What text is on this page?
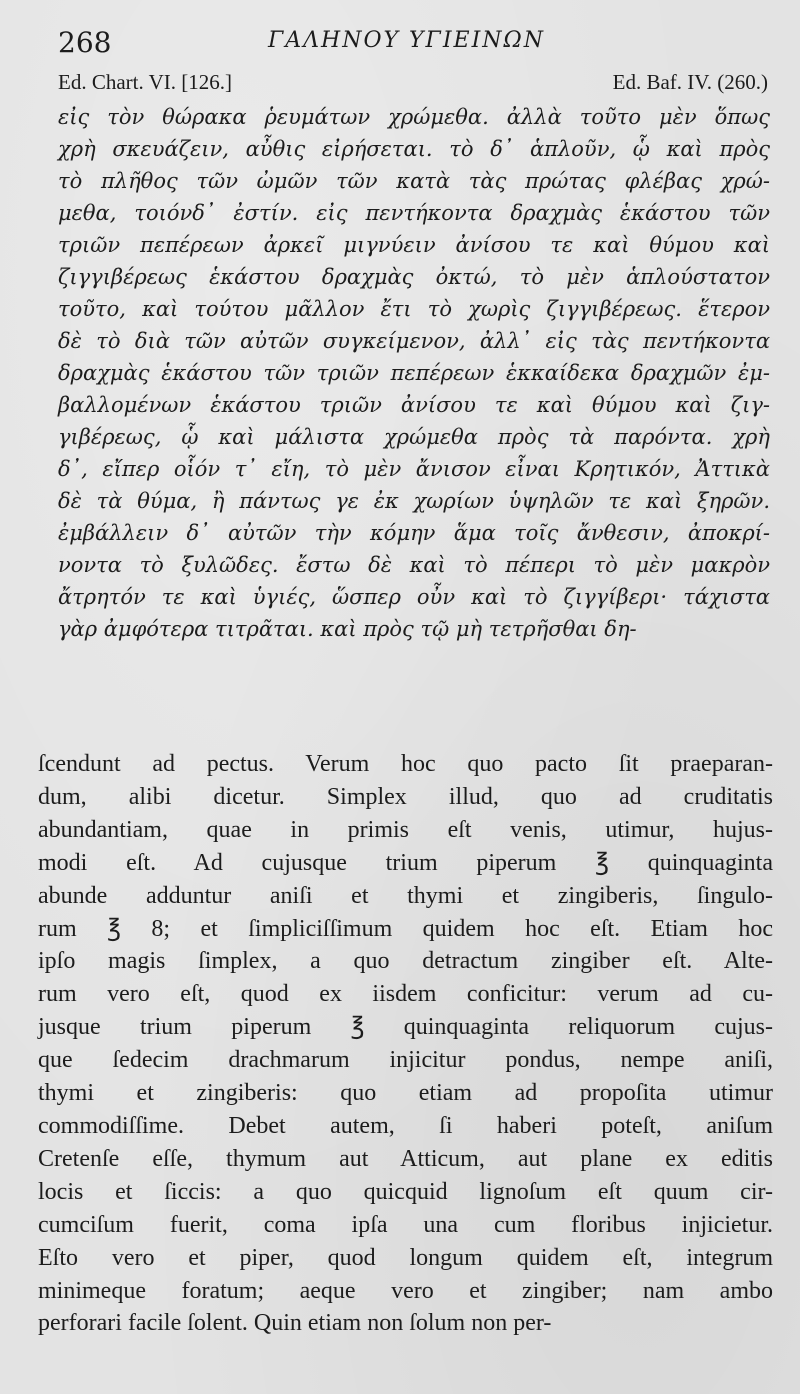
268	ΓΑΛΗΝΟΥ ΥΓΙΕΙΝΩΝ
Ed. Chart. VI. [126.]	Ed. Baf. IV. (260.)
εἰς τὸν θώρακα ῥευμάτων χρώμεθα. ἀλλὰ τοῦτο μὲν ὅπως
χρὴ σκευάζειν, αὖθις εἰρήσεται. τὸ δ᾽ ἁπλοῦν, ᾧ καὶ πρὸς
τὸ πλῆθος τῶν ὠμῶν τῶν κατὰ τὰς πρώτας φλέβας χρώ-
μεθα, τοιόνδ᾽ ἐστίν. εἰς πεντήκοντα δραχμὰς ἑκάστου τῶν
τριῶν πεπέρεων ἀρκεῖ μιγνύειν ἀνίσου τε καὶ θύμου καὶ
ζιγγιβέρεως ἑκάστου δραχμὰς ὀκτώ, τὸ μὲν ἁπλούστατον
τοῦτο, καὶ τούτου μᾶλλον ἔτι τὸ χωρὶς ζιγγιβέρεως. ἕτερον
δὲ τὸ διὰ τῶν αὐτῶν συγκείμενον, ἀλλ᾽ εἰς τὰς πεντήκοντα
δραχμὰς ἑκάστου τῶν τριῶν πεπέρεων ἑκκαίδεκα δραχμῶν ἐμ-
βαλλομένων ἑκάστου τριῶν ἀνίσου τε καὶ θύμου καὶ ζιγ-
γιβέρεως, ᾧ καὶ μάλιστα χρώμεθα πρὸς τὰ παρόντα. χρὴ
δ᾽, εἴπερ οἷόν τ᾽ εἴη, τὸ μὲν ἄνισον εἶναι Κρητικόν, Ἀττικὰ
δὲ τὰ θύμα, ἢ πάντως γε ἐκ χωρίων ὑψηλῶν τε καὶ ξηρῶν.
ἐμβάλλειν δ᾽ αὐτῶν τὴν κόμην ἅμα τοῖς ἄνθεσιν, ἀποκρί-
νοντα τὸ ξυλῶδες. ἔστω δὲ καὶ τὸ πέπερι τὸ μὲν μακρὸν
ἄτρητόν τε καὶ ὑγιές, ὥσπερ οὖν καὶ τὸ ζιγγίβερι· τάχιστα
γὰρ ἀμφότερα τιτρᾶται. καὶ πρὸς τῷ μὴ τετρῆσθαι δη-
ſcendunt ad pectus. Verum hoc quo pacto ſit praeparan-
dum, alibi dicetur. Simplex illud, quo ad cruditatis
abundantiam, quae in primis eſt venis, utimur, hujus-
modi eſt. Ad cujusque trium piperum ℥ quinquaginta
abunde adduntur aniſi et thymi et zingiberis, ſingulo-
rum ℥ 8; et ſimpliciſſimum quidem hoc eſt. Etiam hoc
ipſo magis ſimplex, a quo detractum zingiber eſt. Alte-
rum vero eſt, quod ex iisdem conficitur: verum ad cu-
jusque trium piperum ℥ quinquaginta reliquorum cujus-
que ſedecim drachmarum injicitur pondus, nempe aniſi,
thymi et zingiberis: quo etiam ad propoſita utimur
commodiſſime. Debet autem, ſi haberi poteſt, aniſum
Cretenſe eſſe, thymum aut Atticum, aut plane ex editis
locis et ſiccis: a quo quicquid lignoſum eſt quum cir-
cumciſum fuerit, coma ipſa una cum floribus injicietur.
Eſto vero et piper, quod longum quidem eſt, integrum
minimeque foratum; aeque vero et zingiber; nam ambo
perforari facile ſolent. Quin etiam non ſolum non per-
